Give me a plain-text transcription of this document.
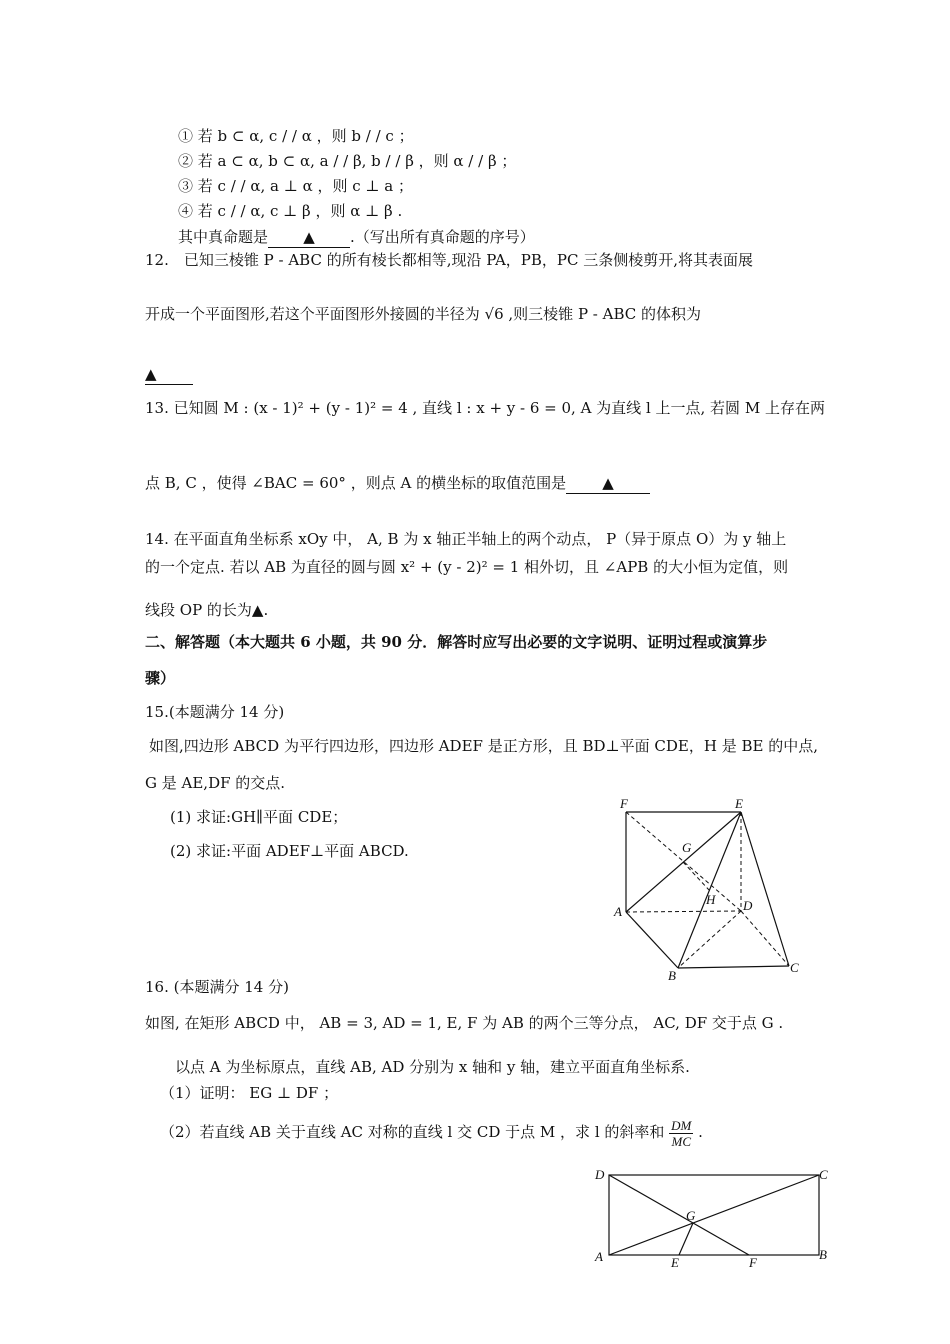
① 若 b ⊂ α, c / / α ，则 b / / c ；
② 若 a ⊂ α, b ⊂ α, a / / β, b / / β ，则 α / / β ；
③ 若 c / / α, a ⊥ α ，则 c ⊥ a ；
④ 若 c / / α, c ⊥ β ，则 α ⊥ β .
其中真命题是 ▲ .（写出所有真命题的序号）
12.　已知三棱锥 P - ABC 的所有棱长都相等,现沿 PA，PB，PC 三条侧棱剪开,将其表面展
开成一个平面图形,若这个平面图形外接圆的半径为 √6 ,则三棱锥 P - ABC 的体积为
▲
13. 已知圆 M : (x - 1)² + (y - 1)² = 4 , 直线 l : x + y - 6 = 0, A 为直线 l 上一点, 若圆 M 上存在两
点 B, C ，使得 ∠BAC = 60° ，则点 A 的横坐标的取值范围是 ▲
14. 在平面直角坐标系 xOy 中， A, B 为 x 轴正半轴上的两个动点， P（异于原点 O）为 y 轴上
的一个定点. 若以 AB 为直径的圆与圆 x² + (y - 2)² = 1 相外切，且 ∠APB 的大小恒为定值，则
线段 OP 的长为▲.
二、解答题（本大题共 6 小题，共 90 分．解答时应写出必要的文字说明、证明过程或演算步
骤）
15.(本题满分 14 分)
如图,四边形 ABCD 为平行四边形，四边形 ADEF 是正方形，且 BD⊥平面 CDE，H 是 BE 的中点,
G 是 AE,DF 的交点.
(1) 求证:GH∥平面 CDE；
(2) 求证:平面 ADEF⊥平面 ABCD.
F	E
G
H
A	D
B
C
16. (本题满分 14 分)
如图, 在矩形 ABCD 中， AB = 3, AD = 1, E, F 为 AB 的两个三等分点， AC, DF 交于点 G .
以点 A 为坐标原点，直线 AB, AD 分别为 x 轴和 y 轴，建立平面直角坐标系.
（1）证明： EG ⊥ DF ；
（2）若直线 AB 关于直线 AC 对称的直线 l 交 CD 于点 M ，求 l 的斜率和 $\frac{DM}{MC}$ .
D	C
G
A	E	F
B
